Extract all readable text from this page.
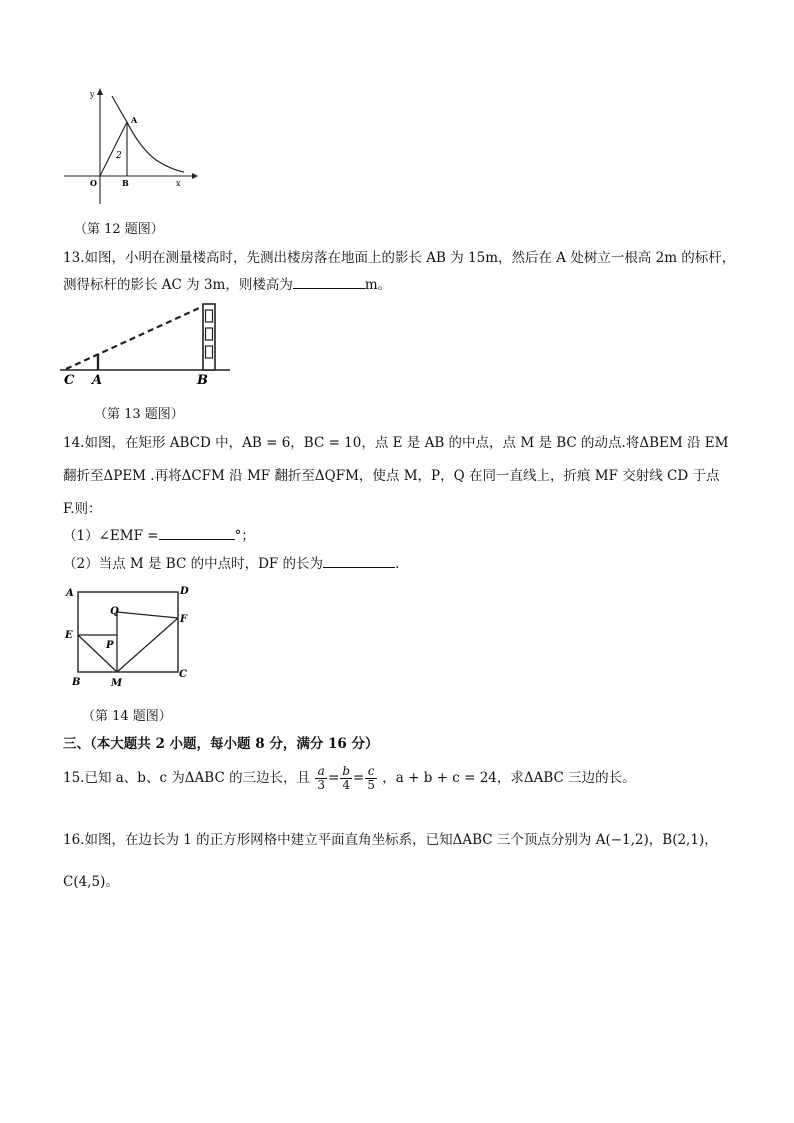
y
x
O
A
B
2
（第 12 题图）
13.如图，小明在测量楼高时，先测出楼房落在地面上的影长 AB 为 15m，然后在 A 处树立一根高 2m 的标杆，
测得标杆的影长 AC 为 3m，则楼高为	m。
C A	B
（第 13 题图）
14.如图，在矩形 ABCD 中，AB = 6，BC = 10，点 E 是 AB 的中点，点 M 是 BC 的动点.将ΔBEM 沿 EM
翻折至ΔPEM .再将ΔCFM 沿 MF 翻折至ΔQFM，使点 M，P，Q 在同一直线上，折痕 MF 交射线 CD 于点
F.则：
（1）∠EMF =	°；
（2）当点 M 是 BC 的中点时，DF 的长为	.
A	D
Q
F
E
P
B	M
C
（第 14 题图）
三、（本大题共 2 小题，每小题 8 分，满分 16 分）
15.已知 a、b、c 为ΔABC 的三边长，且 $\frac{a}{3} = \frac{b}{4} = \frac{c}{5}$ ，a + b + c = 24，求ΔABC 三边的长。
16.如图，在边长为 1 的正方形网格中建立平面直角坐标系，已知ΔABC 三个顶点分别为 A(−1,2)，B(2,1)，
C(4,5)。
